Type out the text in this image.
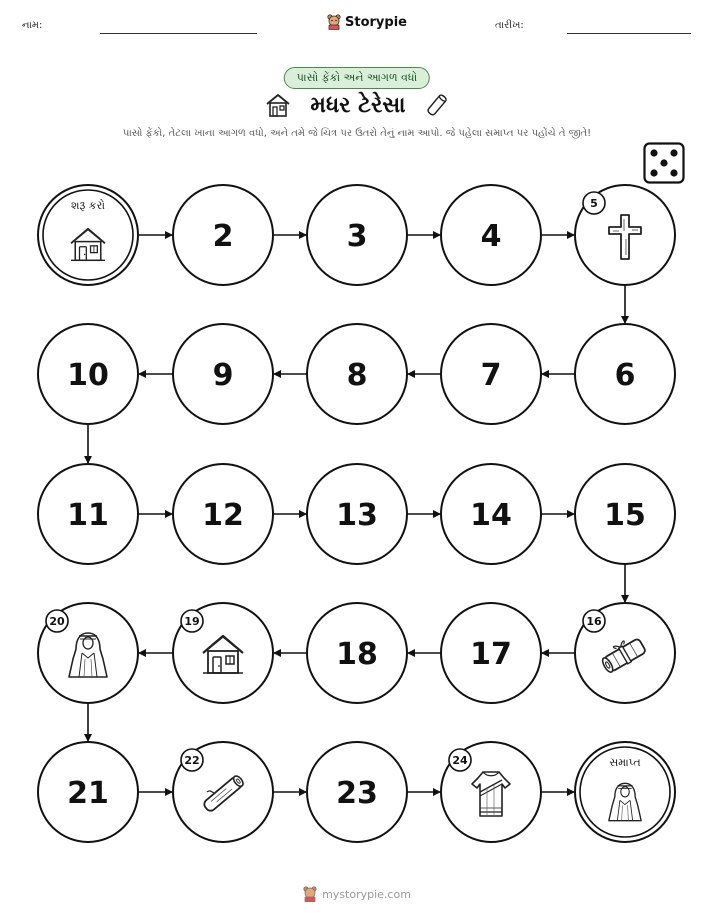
નામ:	Storypie	તારીખ:
પાસો ફેંકો અને આગળ વધો
મધર ટેરેસા
પાસો ફેંકો, તેટલા ખાના આગળ વધો, અને તમે જે ચિત્ર પર ઉતરો તેનું નામ આપો. જે પહેલા સમાપ્ત પર પહોંચે તે જીતે!
શરૂ કરો
2	3	4
5
6
7
8
9
10
11	12	13	14	15
16
17
18
19
20
21
22
23
24	સમાપ્ત
mystorypie.com
